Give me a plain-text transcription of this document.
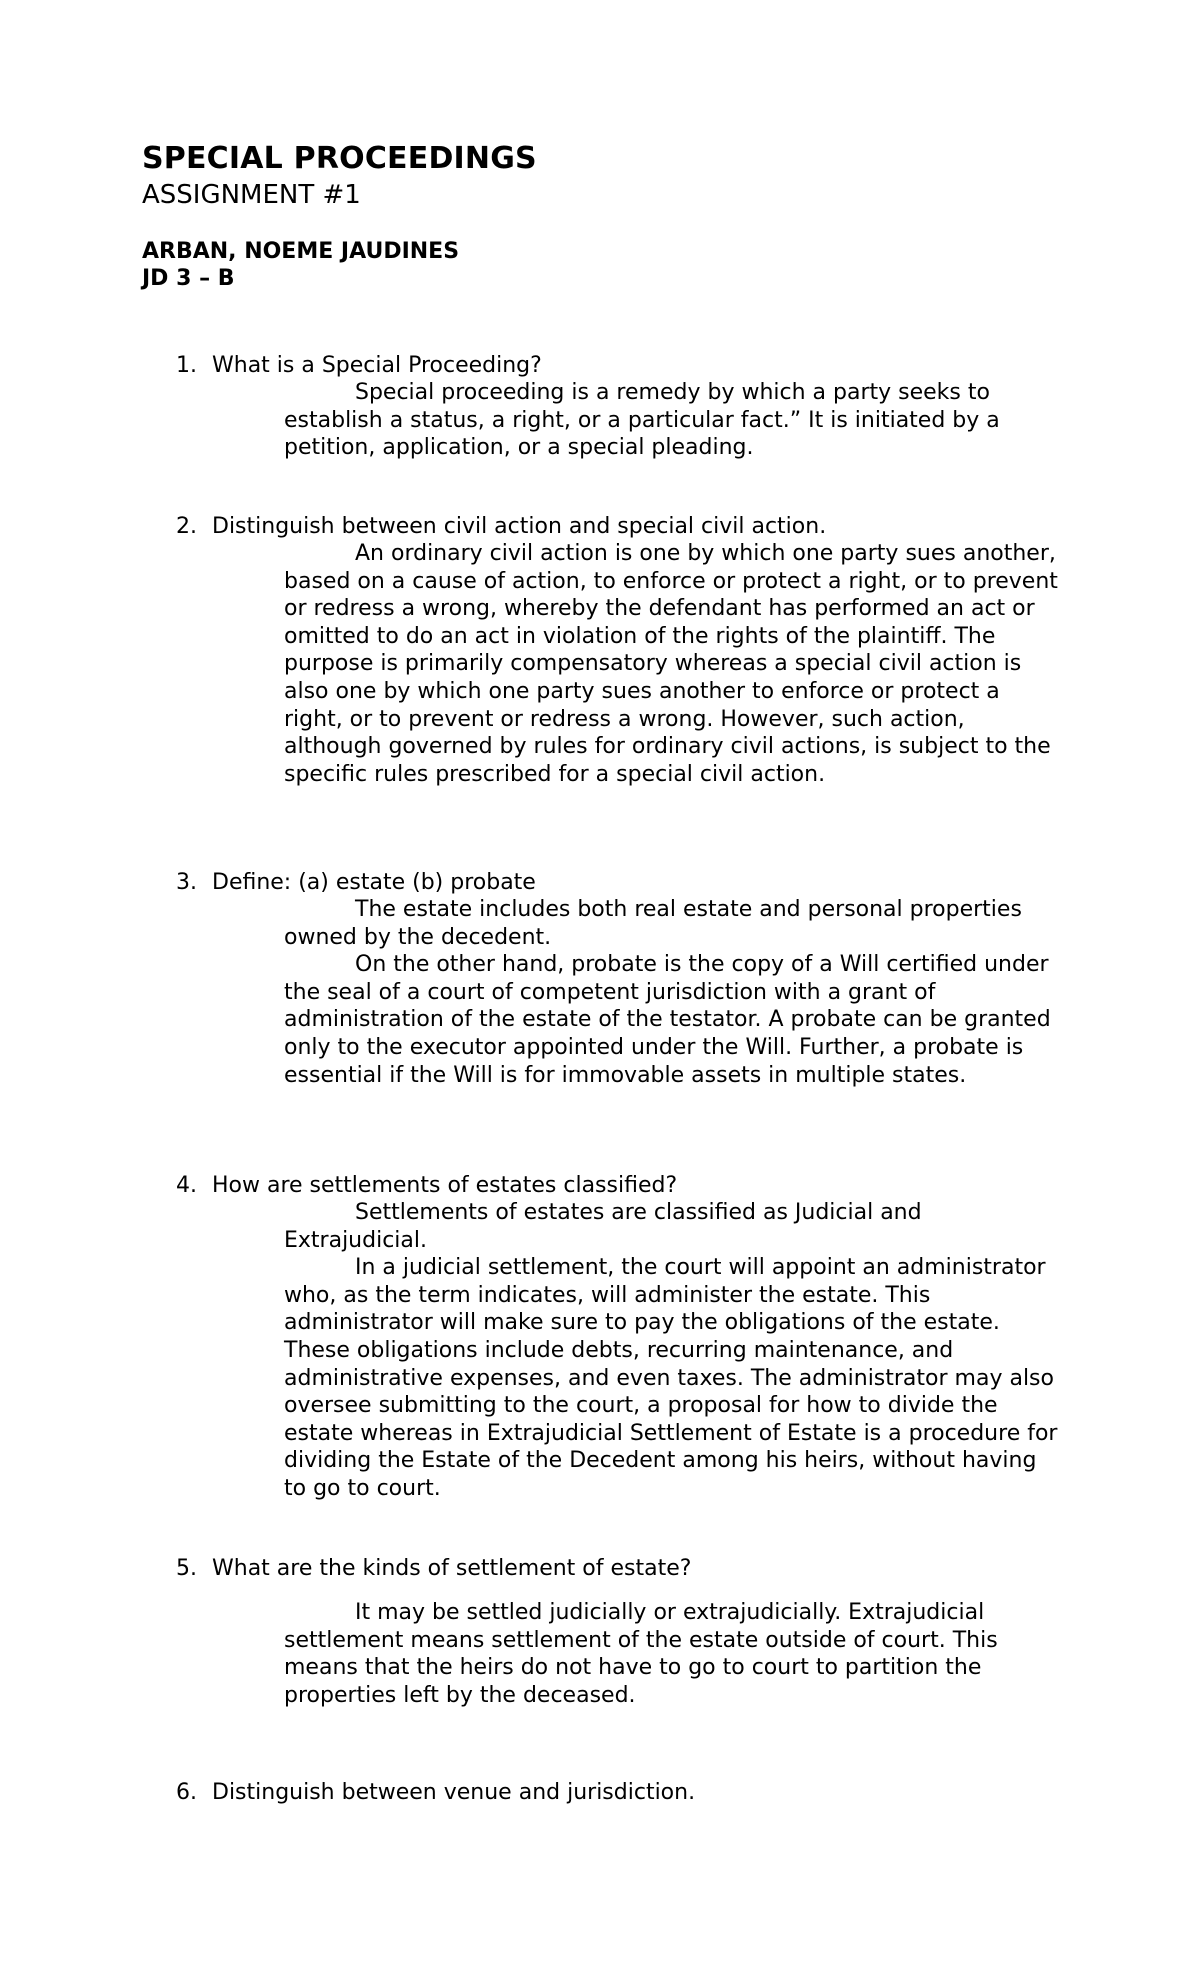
SPECIAL PROCEEDINGS
ASSIGNMENT #1
ARBAN, NOEME JAUDINES
JD 3 – B
1. What is a Special Proceeding?

Special proceeding is a remedy by which a party seeks to establish a status, a right, or a particular fact.” It is initiated by a petition, application, or a special pleading.

2. Distinguish between civil action and special civil action.

An ordinary civil action is one by which one party sues another, based on a cause of action, to enforce or protect a right, or to prevent or redress a wrong, whereby the defendant has performed an act or omitted to do an act in violation of the rights of the plaintiff. The purpose is primarily compensatory whereas a special civil action is also one by which one party sues another to enforce or protect a right, or to prevent or redress a wrong. However, such action, although governed by rules for ordinary civil actions, is subject to the specific rules prescribed for a special civil action.

3. Define: (a) estate (b) probate

The estate includes both real estate and personal properties owned by the decedent.

On the other hand, probate is the copy of a Will certified under the seal of a court of competent jurisdiction with a grant of administration of the estate of the testator. A probate can be granted only to the executor appointed under the Will. Further, a probate is essential if the Will is for immovable assets in multiple states.

4. How are settlements of estates classified?

Settlements of estates are classified as Judicial and Extrajudicial.

In a judicial settlement, the court will appoint an administrator who, as the term indicates, will administer the estate. This administrator will make sure to pay the obligations of the estate. These obligations include debts, recurring maintenance, and administrative expenses, and even taxes. The administrator may also oversee submitting to the court, a proposal for how to divide the estate whereas in Extrajudicial Settlement of Estate is a procedure for dividing the Estate of the Decedent among his heirs, without having to go to court.

5. What are the kinds of settlement of estate?

It may be settled judicially or extrajudicially. Extrajudicial settlement means settlement of the estate outside of court. This means that the heirs do not have to go to court to partition the properties left by the deceased.

6. Distinguish between venue and jurisdiction.
